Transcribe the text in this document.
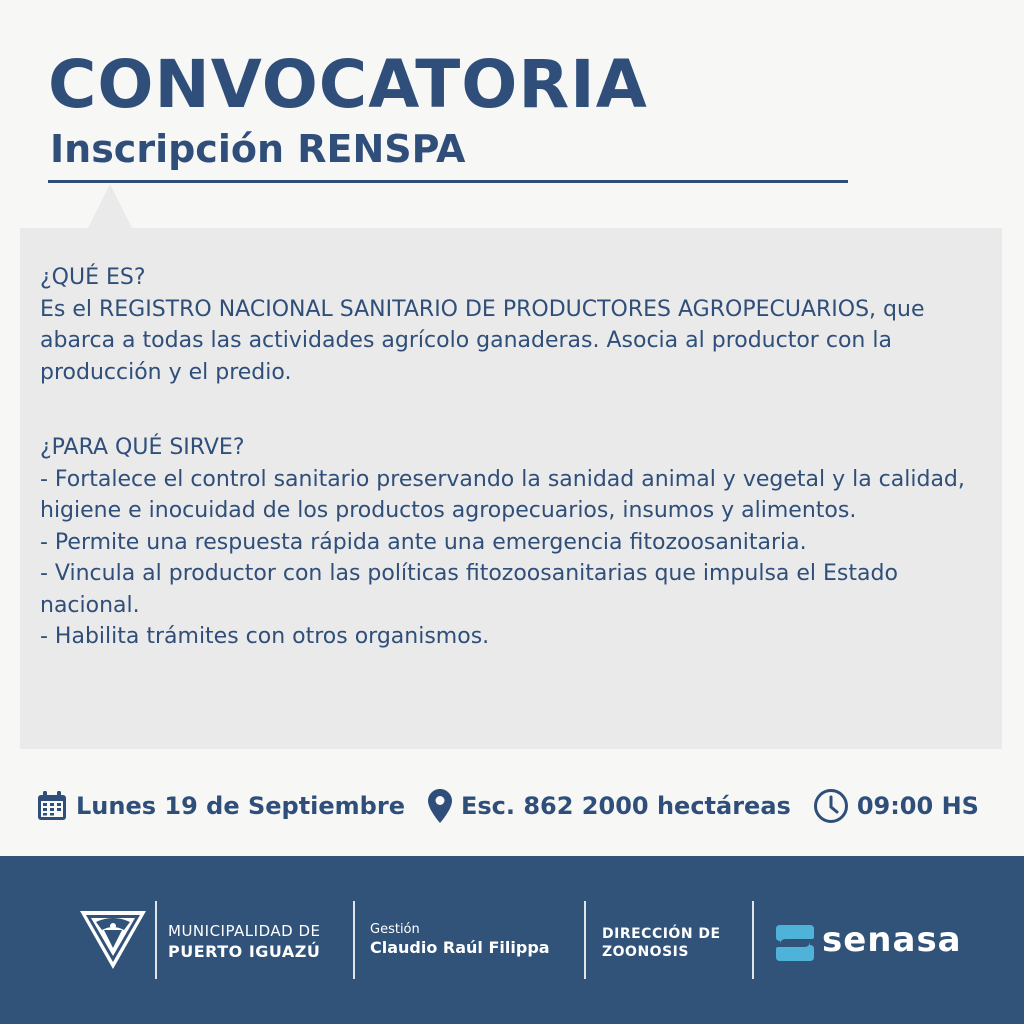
CONVOCATORIA
Inscripción RENSPA

¿QUÉ ES?

Es el REGISTRO NACIONAL SANITARIO DE PRODUCTORES AGROPECUARIOS, que abarca a todas las actividades agrícolo ganaderas. Asocia al productor con la producción y el predio.

¿PARA QUÉ SIRVE?

- Fortalece el control sanitario preservando la sanidad animal y vegetal y la calidad, higiene e inocuidad de los productos agropecuarios, insumos y alimentos.

- Permite una respuesta rápida ante una emergencia fitozoosanitaria.

- Vincula al productor con las políticas fitozoosanitarias que impulsa el Estado nacional.

- Habilita trámites con otros organismos.

Lunes 19 de Septiembre Esc. 862 2000 hectáreas	09:00 HS
MUNICIPALIDAD DE
PUERTO IGUAZÚ
Gestión
Claudio Raúl Filippa
DIRECCIÓN DE
ZOONOSIS	senasa
